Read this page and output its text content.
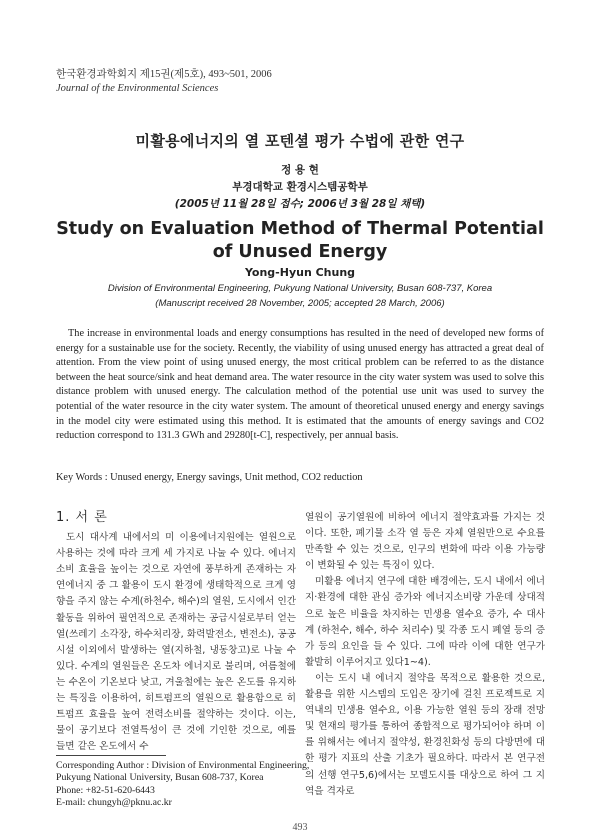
한국환경과학회지 제15권(제5호), 493~501, 2006
Journal of the Environmental Sciences
미활용에너지의 열 포텐셜 평가 수법에 관한 연구
정 용 현
부경대학교 환경시스템공학부
(2005년 11월 28일 접수; 2006년 3월 28일 채택)
Study on Evaluation Method of Thermal Potential
of Unused Energy
Yong-Hyun Chung
Division of Environmental Engineering, Pukyung National University, Busan 608-737, Korea
(Manuscript received 28 November, 2005; accepted 28 March, 2006)
The increase in environmental loads and energy consumptions has resulted in the need of developed new forms of energy for a sustainable use for the society. Recently, the viability of using unused energy has attracted a great deal of attention. From the view point of using unused energy, the most critical problem can be referred to as the distance between the heat source/sink and heat demand area. The water resource in the city water system was used to solve this distance problem with unused energy. The calculation method of the potential use unit was used to survey the potential of the water resource in the city water system. The amount of theoretical unused energy and energy savings in the model city were estimated using this method. It is estimated that the amounts of energy savings and CO2 reduction correspond to 131.3 GWh and 29280[t-C], respectively, per annual basis.
Key Words : Unused energy, Energy savings, Unit method, CO2 reduction
1. 서 론

도시 대사계 내에서의 미 이용에너지원에는 열원으로 사용하는 것에 따라 크게 세 가지로 나눌 수 있다. 에너지 소비 효율을 높이는 것으로 자연에 풍부하게 존재하는 자연에너지 중 그 활용이 도시 환경에 생태학적으로 크게 영향을 주지 않는 수계(하천수, 해수)의 열원, 도시에서 인간 활동을 위하여 필연적으로 존재하는 공급시설로부터 얻는 열(쓰레기 소각장, 하수처리장, 화력발전소, 변전소), 공공시설 이외에서 발생하는 열(지하철, 냉동창고)로 나눌 수 있다. 수계의 열원들은 온도차 에너지로 불리며, 여름철에는 수온이 기온보다 낮고, 겨울철에는 높은 온도를 유지하는 특징을 이용하여, 히트펌프의 열원으로 활용함으로 히트펌프 효율을 높여 전력소비를 절약하는 것이다. 이는, 물이 공기보다 전열특성이 큰 것에 기인한 것으로, 예를 들면 같은 온도에서 수

열원이 공기열원에 비하여 에너지 절약효과를 가지는 것이다. 또한, 폐기물 소각 열 등은 자체 열원만으로 수요를 만족할 수 있는 것으로, 인구의 변화에 따라 이용 가능량이 변화될 수 있는 특징이 있다.

미활용 에너지 연구에 대한 배경에는, 도시 내에서 에너지·환경에 대한 관심 증가와 에너지소비량 가운데 상대적으로 높은 비율을 차지하는 민생용 열수요 증가, 수 대사계 (하천수, 해수, 하수 처리수) 및 각종 도시 폐열 등의 증가 등의 요인을 들 수 있다. 그에 따라 이에 대한 연구가 활발히 이루어지고 있다1~4).

이는 도시 내 에너지 절약을 목적으로 활용한 것으로, 활용을 위한 시스템의 도입은 장기에 걸친 프로젝트로 지역내의 민생용 열수요, 이용 가능한 열원 등의 장래 전망 및 현재의 평가를 통하여 종합적으로 평가되어야 하며 이를 위해서는 에너지 절약성, 환경친화성 등의 다방면에 대한 평가 지표의 산출 기초가 필요하다. 따라서 본 연구전의 선행 연구5,6)에서는 모델도시를 대상으로 하여 그 지역을 격자로

Corresponding Author : Division of Environmental Engineering,
Pukyung National University, Busan 608-737, Korea
Phone: +82-51-620-6443
E-mail: chungyh@pknu.ac.kr
493
